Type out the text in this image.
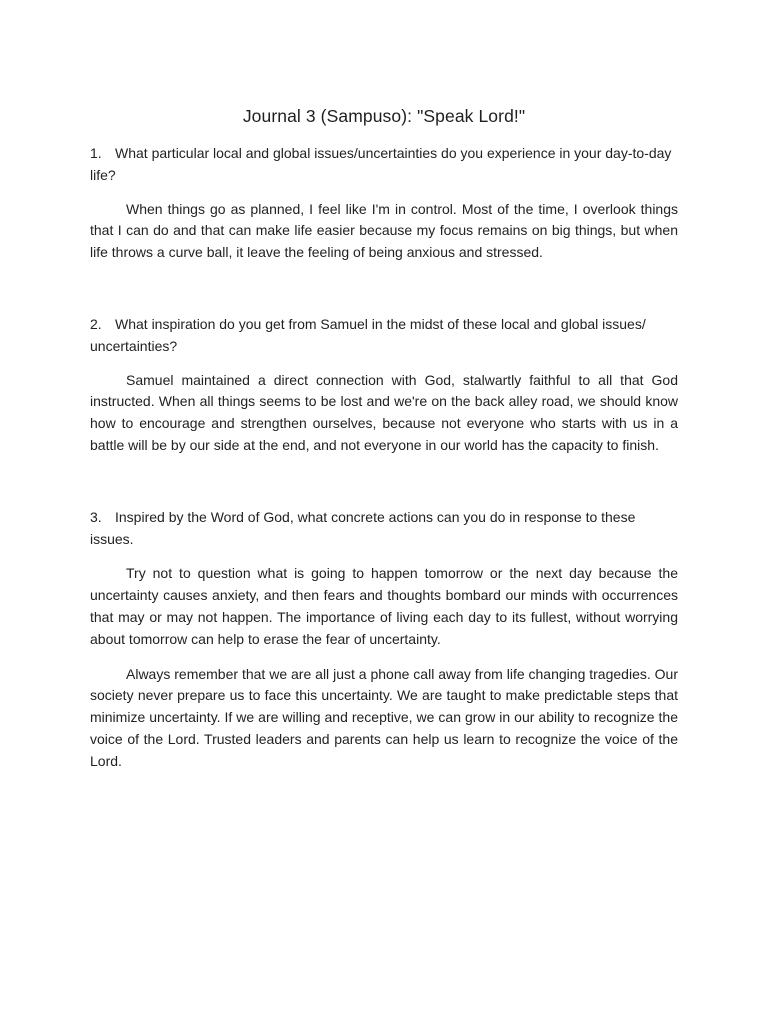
Journal 3 (Sampuso): "Speak Lord!"

1. What particular local and global issues/uncertainties do you experience in your day-to-day life?

When things go as planned, I feel like I'm in control. Most of the time, I overlook things that I can do and that can make life easier because my focus remains on big things, but when life throws a curve ball, it leave the feeling of being anxious and stressed.

2. What inspiration do you get from Samuel in the midst of these local and global issues/ uncertainties?

Samuel maintained a direct connection with God, stalwartly faithful to all that God instructed. When all things seems to be lost and we're on the back alley road, we should know how to encourage and strengthen ourselves, because not everyone who starts with us in a battle will be by our side at the end, and not everyone in our world has the capacity to finish.

3. Inspired by the Word of God, what concrete actions can you do in response to these issues.

Try not to question what is going to happen tomorrow or the next day because the uncertainty causes anxiety, and then fears and thoughts bombard our minds with occurrences that may or may not happen. The importance of living each day to its fullest, without worrying about tomorrow can help to erase the fear of uncertainty.

Always remember that we are all just a phone call away from life changing tragedies. Our society never prepare us to face this uncertainty. We are taught to make predictable steps that minimize uncertainty. If we are willing and receptive, we can grow in our ability to recognize the voice of the Lord. Trusted leaders and parents can help us learn to recognize the voice of the Lord.
